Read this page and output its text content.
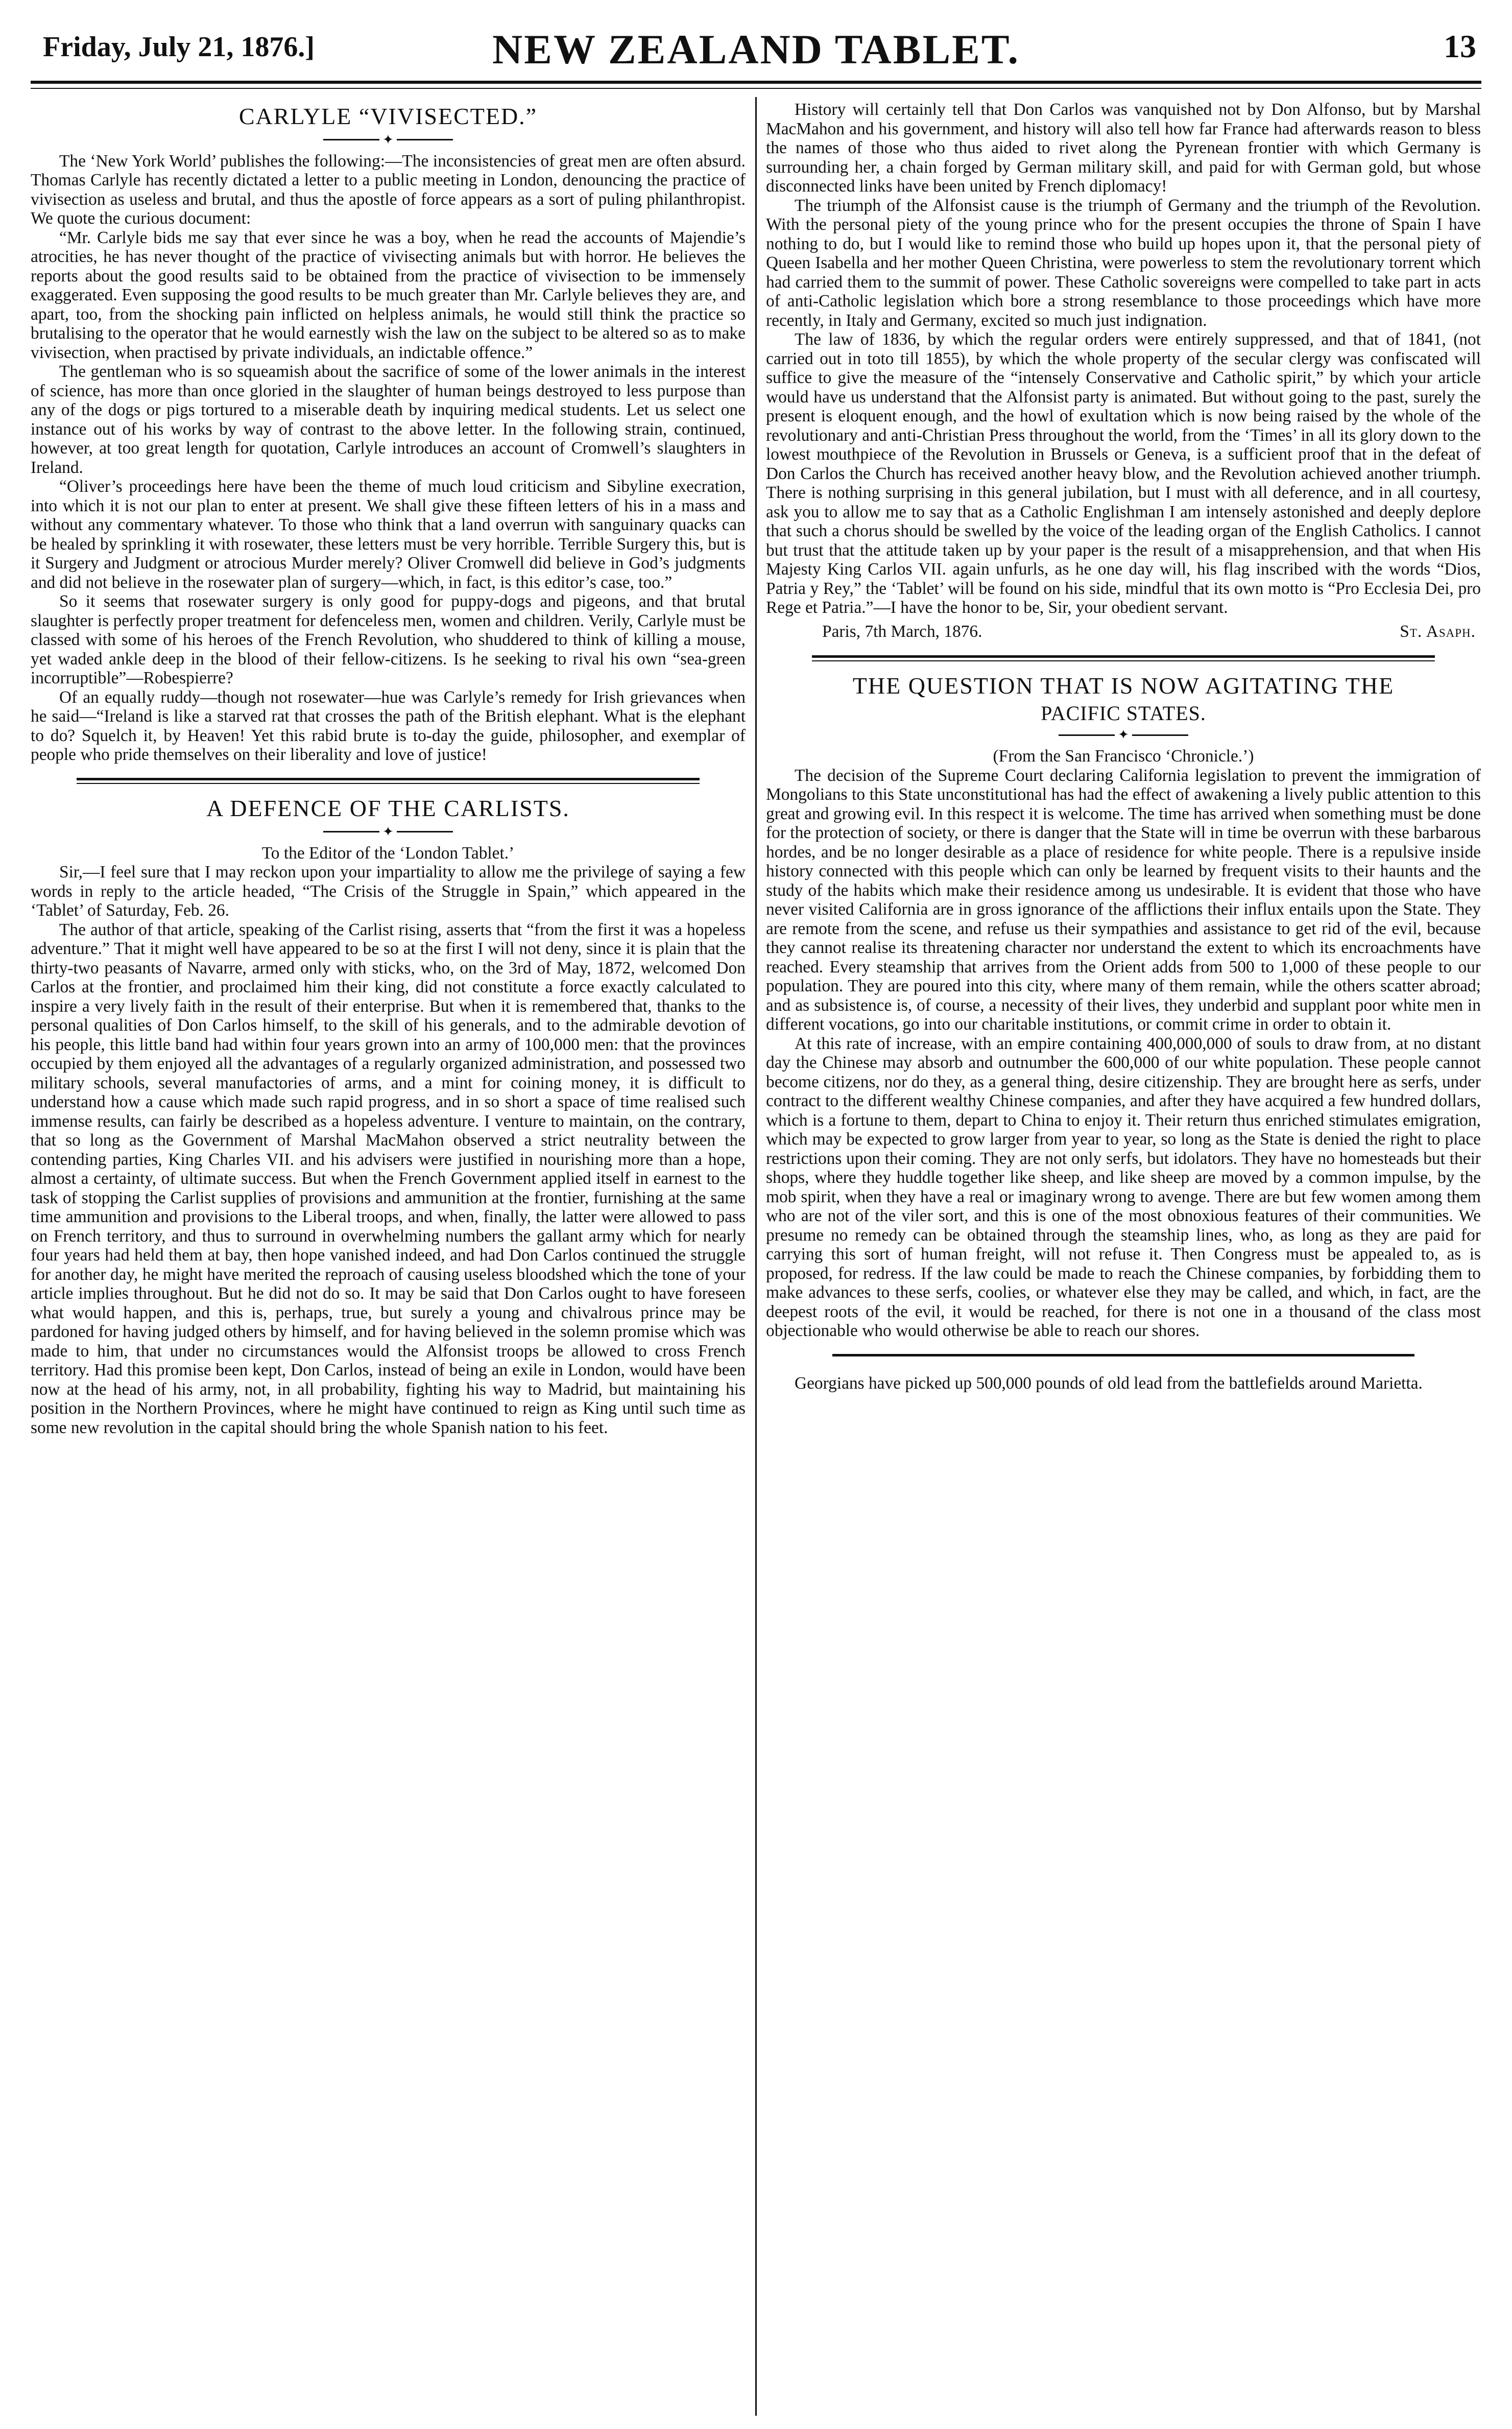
Friday, July 21, 1876.]	NEW ZEALAND TABLET.	13
CARLYLE “VIVISECTED.”
✦

The ‘New York World’ publishes the following:—The inconsistencies of great men are often absurd. Thomas Carlyle has recently dictated a letter to a public meeting in London, denouncing the practice of vivisection as useless and brutal, and thus the apostle of force appears as a sort of puling philanthropist. We quote the curious document:

“Mr. Carlyle bids me say that ever since he was a boy, when he read the accounts of Majendie’s atrocities, he has never thought of the practice of vivisecting animals but with horror. He believes the reports about the good results said to be obtained from the practice of vivisection to be immensely exaggerated. Even supposing the good results to be much greater than Mr. Carlyle believes they are, and apart, too, from the shocking pain inflicted on helpless animals, he would still think the practice so brutalising to the operator that he would earnestly wish the law on the subject to be altered so as to make vivisection, when practised by private individuals, an indictable offence.”

The gentleman who is so squeamish about the sacrifice of some of the lower animals in the interest of science, has more than once gloried in the slaughter of human beings destroyed to less purpose than any of the dogs or pigs tortured to a miserable death by inquiring medical students. Let us select one instance out of his works by way of contrast to the above letter. In the following strain, continued, however, at too great length for quotation, Carlyle introduces an account of Cromwell’s slaughters in Ireland.

“Oliver’s proceedings here have been the theme of much loud criticism and Sibyline execration, into which it is not our plan to enter at present. We shall give these fifteen letters of his in a mass and without any commentary whatever. To those who think that a land overrun with sanguinary quacks can be healed by sprinkling it with rosewater, these letters must be very horrible. Terrible Surgery this, but is it Surgery and Judgment or atrocious Murder merely? Oliver Cromwell did believe in God’s judgments and did not believe in the rosewater plan of surgery—which, in fact, is this editor’s case, too.”

So it seems that rosewater surgery is only good for puppy-dogs and pigeons, and that brutal slaughter is perfectly proper treatment for defenceless men, women and children. Verily, Carlyle must be classed with some of his heroes of the French Revolution, who shuddered to think of killing a mouse, yet waded ankle deep in the blood of their fellow-citizens. Is he seeking to rival his own “sea-green incorruptible”—Robespierre?

Of an equally ruddy—though not rosewater—hue was Carlyle’s remedy for Irish grievances when he said—“Ireland is like a starved rat that crosses the path of the British elephant. What is the elephant to do? Squelch it, by Heaven! Yet this rabid brute is to-day the guide, philosopher, and exemplar of people who pride themselves on their liberality and love of justice!

A DEFENCE OF THE CARLISTS.
✦

To the Editor of the ‘London Tablet.’

Sir,—I feel sure that I may reckon upon your impartiality to allow me the privilege of saying a few words in reply to the article headed, “The Crisis of the Struggle in Spain,” which appeared in the ‘Tablet’ of Saturday, Feb. 26.

The author of that article, speaking of the Carlist rising, asserts that “from the first it was a hopeless adventure.” That it might well have appeared to be so at the first I will not deny, since it is plain that the thirty-two peasants of Navarre, armed only with sticks, who, on the 3rd of May, 1872, welcomed Don Carlos at the frontier, and proclaimed him their king, did not constitute a force exactly calculated to inspire a very lively faith in the result of their enterprise. But when it is remembered that, thanks to the personal qualities of Don Carlos himself, to the skill of his generals, and to the admirable devotion of his people, this little band had within four years grown into an army of 100,000 men: that the provinces occupied by them enjoyed all the advantages of a regularly organized administration, and possessed two military schools, several manufactories of arms, and a mint for coining money, it is difficult to understand how a cause which made such rapid progress, and in so short a space of time realised such immense results, can fairly be described as a hopeless adventure. I venture to maintain, on the contrary, that so long as the Government of Marshal MacMahon observed a strict neutrality between the contending parties, King Charles VII. and his advisers were justified in nourishing more than a hope, almost a certainty, of ultimate success. But when the French Government applied itself in earnest to the task of stopping the Carlist supplies of provisions and ammunition at the frontier, furnishing at the same time ammunition and provisions to the Liberal troops, and when, finally, the latter were allowed to pass on French territory, and thus to surround in overwhelming numbers the gallant army which for nearly four years had held them at bay, then hope vanished indeed, and had Don Carlos continued the struggle for another day, he might have merited the reproach of causing useless bloodshed which the tone of your article implies throughout. But he did not do so. It may be said that Don Carlos ought to have foreseen what would happen, and this is, perhaps, true, but surely a young and chivalrous prince may be pardoned for having judged others by himself, and for having believed in the solemn promise which was made to him, that under no circumstances would the Alfonsist troops be allowed to cross French territory. Had this promise been kept, Don Carlos, instead of being an exile in London, would have been now at the head of his army, not, in all probability, fighting his way to Madrid, but maintaining his position in the Northern Provinces, where he might have continued to reign as King until such time as some new revolution in the capital should bring the whole Spanish nation to his feet.

History will certainly tell that Don Carlos was vanquished not by Don Alfonso, but by Marshal MacMahon and his government, and history will also tell how far France had afterwards reason to bless the names of those who thus aided to rivet along the Pyrenean frontier with which Germany is surrounding her, a chain forged by German military skill, and paid for with German gold, but whose disconnected links have been united by French diplomacy!

The triumph of the Alfonsist cause is the triumph of Germany and the triumph of the Revolution. With the personal piety of the young prince who for the present occupies the throne of Spain I have nothing to do, but I would like to remind those who build up hopes upon it, that the personal piety of Queen Isabella and her mother Queen Christina, were powerless to stem the revolutionary torrent which had carried them to the summit of power. These Catholic sovereigns were compelled to take part in acts of anti-Catholic legislation which bore a strong resemblance to those proceedings which have more recently, in Italy and Germany, excited so much just indignation.

The law of 1836, by which the regular orders were entirely suppressed, and that of 1841, (not carried out in toto till 1855), by which the whole property of the secular clergy was confiscated will suffice to give the measure of the “intensely Conservative and Catholic spirit,” by which your article would have us understand that the Alfonsist party is animated. But without going to the past, surely the present is eloquent enough, and the howl of exultation which is now being raised by the whole of the revolutionary and anti-Christian Press throughout the world, from the ‘Times’ in all its glory down to the lowest mouthpiece of the Revolution in Brussels or Geneva, is a sufficient proof that in the defeat of Don Carlos the Church has received another heavy blow, and the Revolution achieved another triumph. There is nothing surprising in this general jubilation, but I must with all deference, and in all courtesy, ask you to allow me to say that as a Catholic Englishman I am intensely astonished and deeply deplore that such a chorus should be swelled by the voice of the leading organ of the English Catholics. I cannot but trust that the attitude taken up by your paper is the result of a misapprehension, and that when His Majesty King Carlos VII. again unfurls, as he one day will, his flag inscribed with the words “Dios, Patria y Rey,” the ‘Tablet’ will be found on his side, mindful that its own motto is “Pro Ecclesia Dei, pro Rege et Patria.”—I have the honor to be, Sir, your obedient servant.

Paris, 7th March, 1876.	St. Asaph.
THE QUESTION THAT IS NOW AGITATING THE
PACIFIC STATES.
✦

(From the San Francisco ‘Chronicle.’)

The decision of the Supreme Court declaring California legislation to prevent the immigration of Mongolians to this State unconstitutional has had the effect of awakening a lively public attention to this great and growing evil. In this respect it is welcome. The time has arrived when something must be done for the protection of society, or there is danger that the State will in time be overrun with these barbarous hordes, and be no longer desirable as a place of residence for white people. There is a repulsive inside history connected with this people which can only be learned by frequent visits to their haunts and the study of the habits which make their residence among us undesirable. It is evident that those who have never visited California are in gross ignorance of the afflictions their influx entails upon the State. They are remote from the scene, and refuse us their sympathies and assistance to get rid of the evil, because they cannot realise its threatening character nor understand the extent to which its encroachments have reached. Every steamship that arrives from the Orient adds from 500 to 1,000 of these people to our population. They are poured into this city, where many of them remain, while the others scatter abroad; and as subsistence is, of course, a necessity of their lives, they underbid and supplant poor white men in different vocations, go into our charitable institutions, or commit crime in order to obtain it.

At this rate of increase, with an empire containing 400,000,000 of souls to draw from, at no distant day the Chinese may absorb and outnumber the 600,000 of our white population. These people cannot become citizens, nor do they, as a general thing, desire citizenship. They are brought here as serfs, under contract to the different wealthy Chinese companies, and after they have acquired a few hundred dollars, which is a fortune to them, depart to China to enjoy it. Their return thus enriched stimulates emigration, which may be expected to grow larger from year to year, so long as the State is denied the right to place restrictions upon their coming. They are not only serfs, but idolators. They have no homesteads but their shops, where they huddle together like sheep, and like sheep are moved by a common impulse, by the mob spirit, when they have a real or imaginary wrong to avenge. There are but few women among them who are not of the viler sort, and this is one of the most obnoxious features of their communities. We presume no remedy can be obtained through the steamship lines, who, as long as they are paid for carrying this sort of human freight, will not refuse it. Then Congress must be appealed to, as is proposed, for redress. If the law could be made to reach the Chinese companies, by forbidding them to make advances to these serfs, coolies, or whatever else they may be called, and which, in fact, are the deepest roots of the evil, it would be reached, for there is not one in a thousand of the class most objectionable who would otherwise be able to reach our shores.

Georgians have picked up 500,000 pounds of old lead from the battlefields around Marietta.
